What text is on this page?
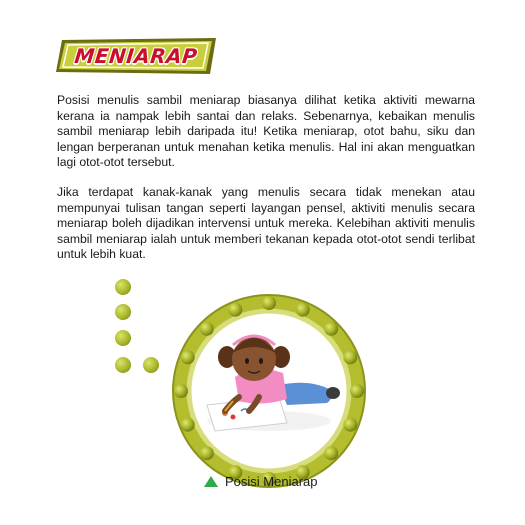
MENIARAP

Posisi menulis sambil meniarap biasanya dilihat ketika aktiviti mewarna kerana ia nampak lebih santai dan relaks. Sebenarnya, kebaikan menulis sambil meniarap lebih daripada itu! Ketika meniarap, otot bahu, siku dan lengan berperanan untuk menahan ketika menulis. Hal ini akan menguatkan lagi otot-otot tersebut.

Jika terdapat kanak-kanak yang menulis secara tidak menekan atau mempunyai tulisan tangan seperti layangan pensel, aktiviti menulis secara meniarap boleh dijadikan intervensi untuk mereka. Kelebihan aktiviti menulis sambil meniarap ialah untuk memberi tekanan kepada otot-otot sendi terlibat untuk lebih kuat.

Posisi Meniarap
